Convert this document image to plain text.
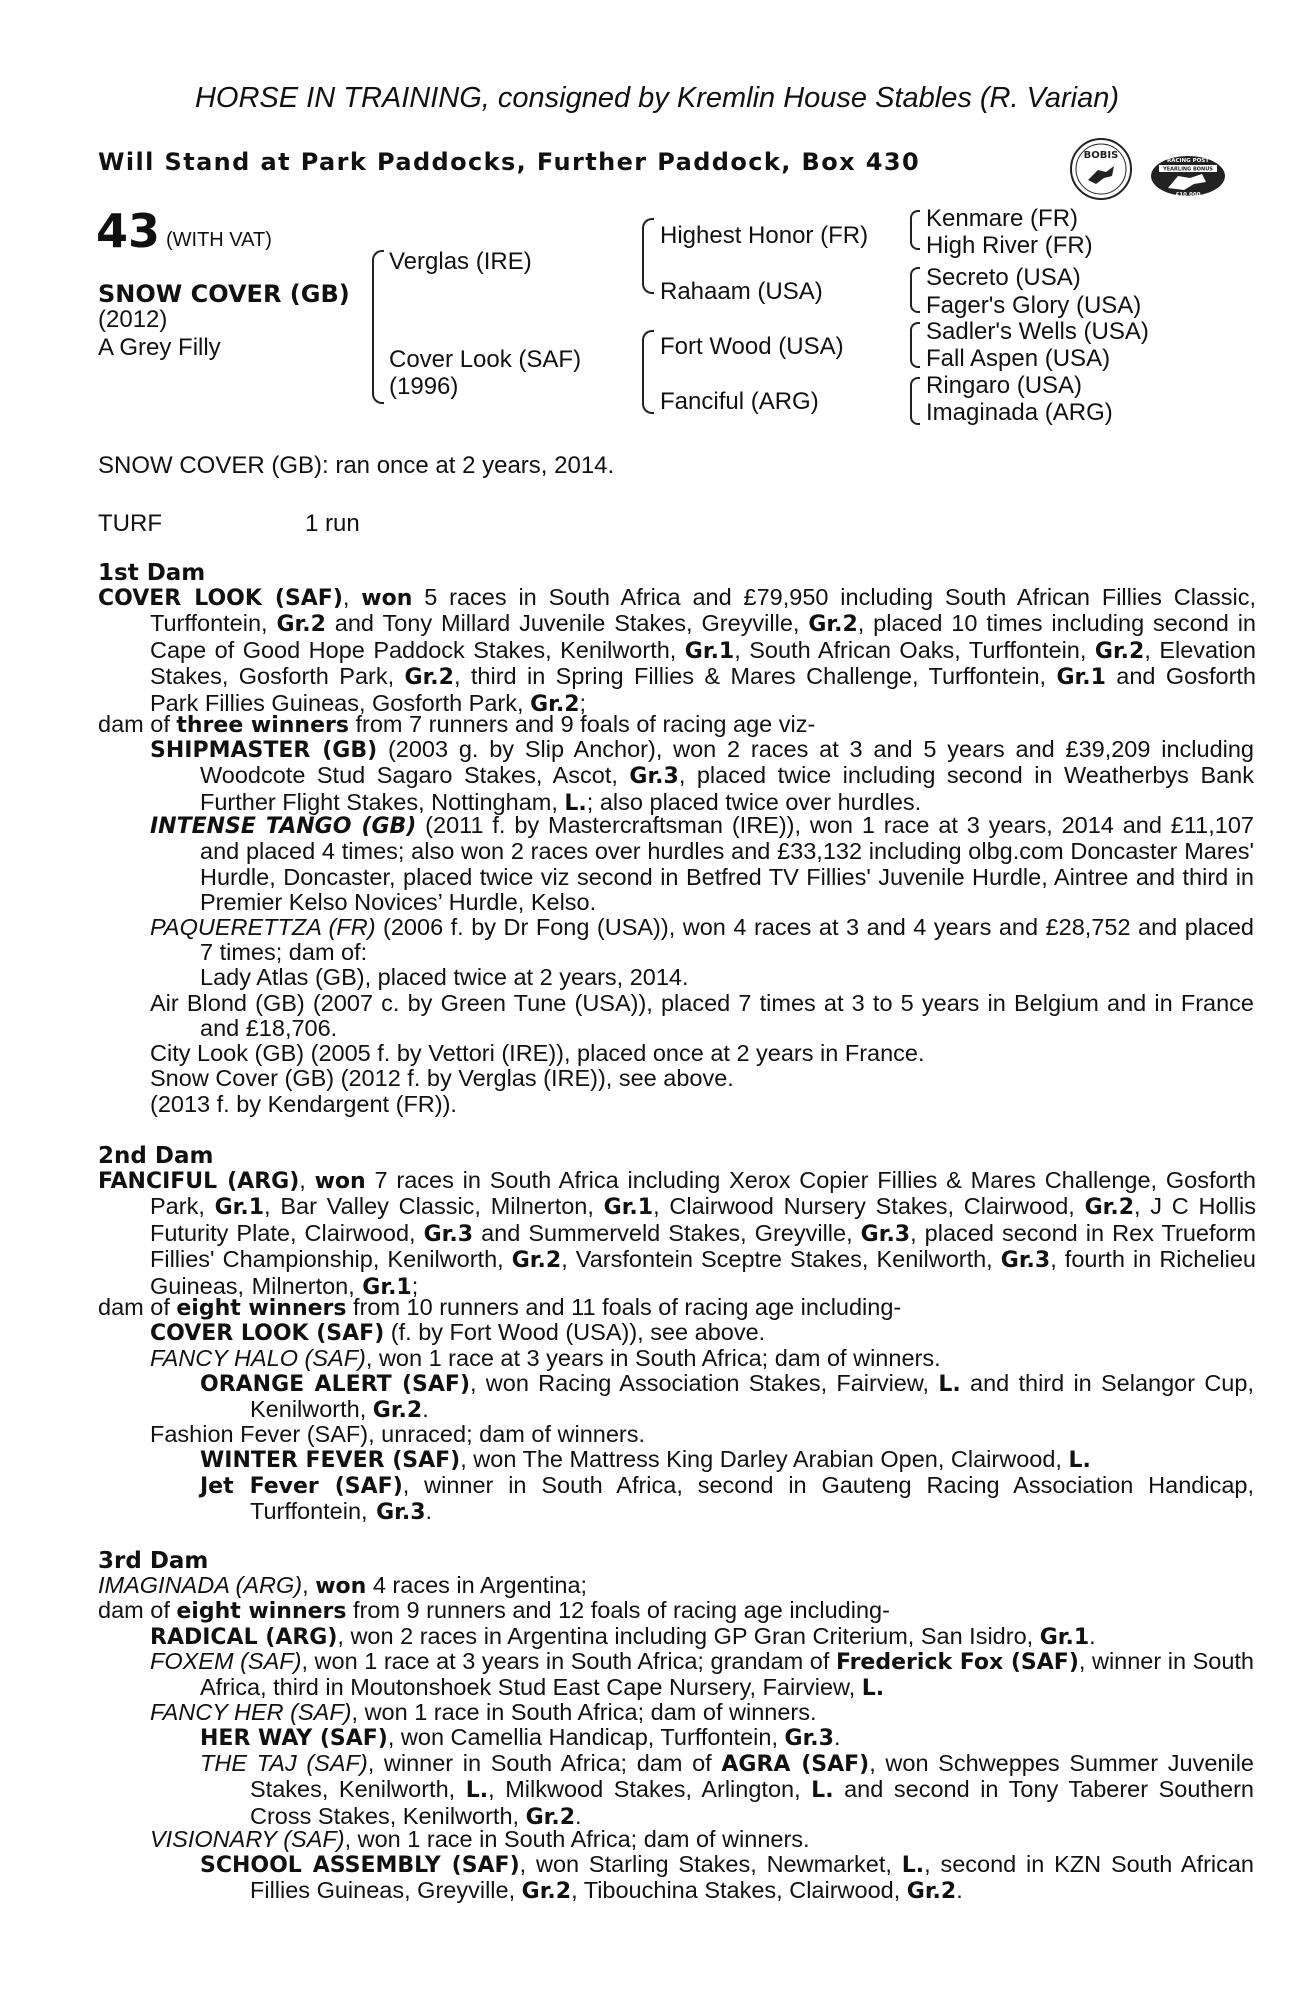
HORSE IN TRAINING, consigned by Kremlin House Stables (R. Varian)
Will Stand at Park Paddocks, Further Paddock, Box 430	BOBIS	RACING POST
YEARLING BONUS
£10,000
43 (WITH VAT)
SNOW COVER (GB)
(2012)
A Grey Filly
Verglas (IRE)
Cover Look (SAF)
(1996)
Highest Honor (FR)
Rahaam (USA)
Fort Wood (USA)
Fanciful (ARG)
Kenmare (FR)
High River (FR)
Secreto (USA)
Fager's Glory (USA)
Sadler's Wells (USA)
Fall Aspen (USA)
Ringaro (USA)
Imaginada (ARG)
SNOW COVER (GB): ran once at 2 years, 2014.
TURF	1 run
1st Dam
COVER LOOK (SAF), won 5 races in South Africa and £79,950 including South African Fillies Classic, Turffontein, Gr.2 and Tony Millard Juvenile Stakes, Greyville, Gr.2, placed 10 times including second in Cape of Good Hope Paddock Stakes, Kenilworth, Gr.1, South African Oaks, Turffontein, Gr.2, Elevation Stakes, Gosforth Park, Gr.2, third in Spring Fillies & Mares Challenge, Turffontein, Gr.1 and Gosforth Park Fillies Guineas, Gosforth Park, Gr.2;
dam of three winners from 7 runners and 9 foals of racing age viz-
SHIPMASTER (GB) (2003 g. by Slip Anchor), won 2 races at 3 and 5 years and £39,209 including Woodcote Stud Sagaro Stakes, Ascot, Gr.3, placed twice including second in Weatherbys Bank Further Flight Stakes, Nottingham, L.; also placed twice over hurdles.
INTENSE TANGO (GB) (2011 f. by Mastercraftsman (IRE)), won 1 race at 3 years, 2014 and £11,107 and placed 4 times; also won 2 races over hurdles and £33,132 including olbg.com Doncaster Mares' Hurdle, Doncaster, placed twice viz second in Betfred TV Fillies' Juvenile Hurdle, Aintree and third in Premier Kelso Novices’ Hurdle, Kelso.
PAQUERETTZA (FR) (2006 f. by Dr Fong (USA)), won 4 races at 3 and 4 years and £28,752 and placed 7 times; dam of:
Lady Atlas (GB), placed twice at 2 years, 2014.
Air Blond (GB) (2007 c. by Green Tune (USA)), placed 7 times at 3 to 5 years in Belgium and in France and £18,706.
City Look (GB) (2005 f. by Vettori (IRE)), placed once at 2 years in France.
Snow Cover (GB) (2012 f. by Verglas (IRE)), see above.
(2013 f. by Kendargent (FR)).
2nd Dam
FANCIFUL (ARG), won 7 races in South Africa including Xerox Copier Fillies & Mares Challenge, Gosforth Park, Gr.1, Bar Valley Classic, Milnerton, Gr.1, Clairwood Nursery Stakes, Clairwood, Gr.2, J C Hollis Futurity Plate, Clairwood, Gr.3 and Summerveld Stakes, Greyville, Gr.3, placed second in Rex Trueform Fillies' Championship, Kenilworth, Gr.2, Varsfontein Sceptre Stakes, Kenilworth, Gr.3, fourth in Richelieu Guineas, Milnerton, Gr.1;
dam of eight winners from 10 runners and 11 foals of racing age including-
COVER LOOK (SAF) (f. by Fort Wood (USA)), see above.
FANCY HALO (SAF), won 1 race at 3 years in South Africa; dam of winners.
ORANGE ALERT (SAF), won Racing Association Stakes, Fairview, L. and third in Selangor Cup, Kenilworth, Gr.2.
Fashion Fever (SAF), unraced; dam of winners.
WINTER FEVER (SAF), won The Mattress King Darley Arabian Open, Clairwood, L.
Jet Fever (SAF), winner in South Africa, second in Gauteng Racing Association Handicap, Turffontein, Gr.3.
3rd Dam
IMAGINADA (ARG), won 4 races in Argentina;
dam of eight winners from 9 runners and 12 foals of racing age including-
RADICAL (ARG), won 2 races in Argentina including GP Gran Criterium, San Isidro, Gr.1.
FOXEM (SAF), won 1 race at 3 years in South Africa; grandam of Frederick Fox (SAF), winner in South Africa, third in Moutonshoek Stud East Cape Nursery, Fairview, L.
FANCY HER (SAF), won 1 race in South Africa; dam of winners.
HER WAY (SAF), won Camellia Handicap, Turffontein, Gr.3.
THE TAJ (SAF), winner in South Africa; dam of AGRA (SAF), won Schweppes Summer Juvenile Stakes, Kenilworth, L., Milkwood Stakes, Arlington, L. and second in Tony Taberer Southern Cross Stakes, Kenilworth, Gr.2.
VISIONARY (SAF), won 1 race in South Africa; dam of winners.
SCHOOL ASSEMBLY (SAF), won Starling Stakes, Newmarket, L., second in KZN South African Fillies Guineas, Greyville, Gr.2, Tibouchina Stakes, Clairwood, Gr.2.
